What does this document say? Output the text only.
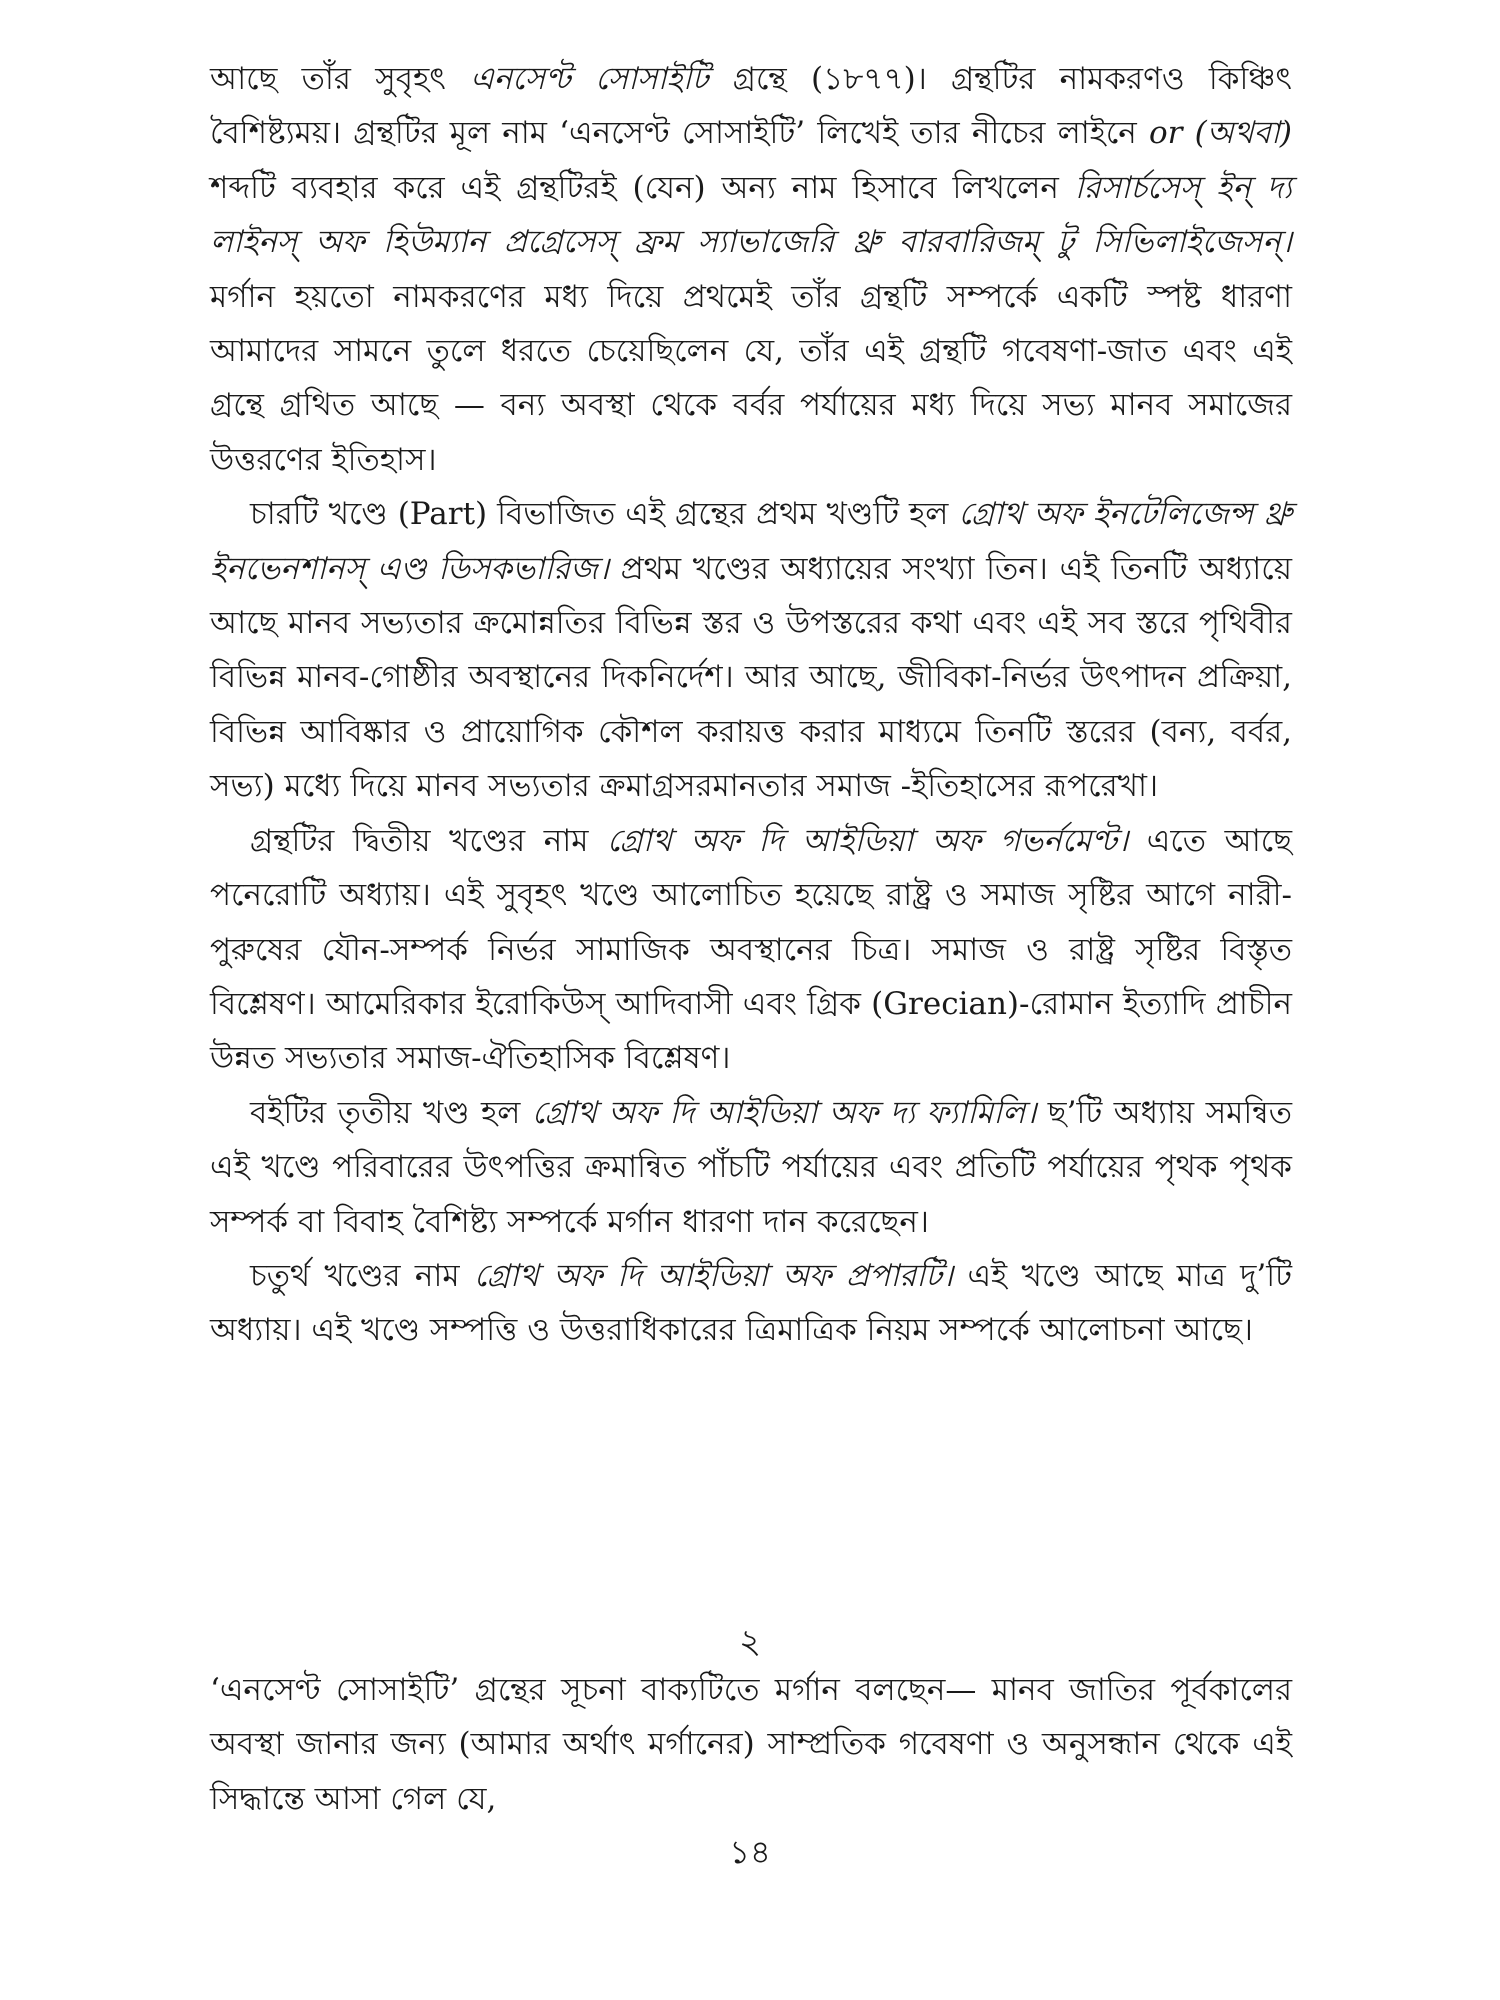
আছে তাঁর সুবৃহৎ এনসেণ্ট সোসাইটি গ্রন্থে (১৮৭৭)। গ্রন্থটির নামকরণও কিঞ্চিৎ বৈশিষ্ট্যময়। গ্রন্থটির মূল নাম ‘এনসেণ্ট সোসাইটি’ লিখেই তার নীচের লাইনে or (অথবা) শব্দটি ব্যবহার করে এই গ্রন্থটিরই (যেন) অন্য নাম হিসাবে লিখলেন রিসার্চসেস্ ইন্ দ্য লাইনস্ অফ হিউম্যান প্রগ্রেসেস্ ফ্রম স্যাভাজেরি থ্রু বারবারিজম্ টু সিভিলাইজেসন্। মর্গান হয়তো নামকরণের মধ্য দিয়ে প্রথমেই তাঁর গ্রন্থটি সম্পর্কে একটি স্পষ্ট ধারণা আমাদের সামনে তুলে ধরতে চেয়েছিলেন যে, তাঁর এই গ্রন্থটি গবেষণা-জাত এবং এই গ্রন্থে গ্রথিত আছে — বন্য অবস্থা থেকে বর্বর পর্যায়ের মধ্য দিয়ে সভ্য মানব সমাজের উত্তরণের ইতিহাস।

চারটি খণ্ডে (Part) বিভাজিত এই গ্রন্থের প্রথম খণ্ডটি হল গ্রোথ অফ ইনটেলিজেন্স থ্রু ইনভেনশানস্ এণ্ড ডিসকভারিজ। প্রথম খণ্ডের অধ্যায়ের সংখ্যা তিন। এই তিনটি অধ্যায়ে আছে মানব সভ্যতার ক্রমোন্নতির বিভিন্ন স্তর ও উপস্তরের কথা এবং এই সব স্তরে পৃথিবীর বিভিন্ন মানব-গোষ্ঠীর অবস্থানের দিকনির্দেশ। আর আছে, জীবিকা-নির্ভর উৎপাদন প্রক্রিয়া, বিভিন্ন আবিষ্কার ও প্রায়োগিক কৌশল করায়ত্ত করার মাধ্যমে তিনটি স্তরের (বন্য, বর্বর, সভ্য) মধ্যে দিয়ে মানব সভ্যতার ক্রমাগ্রসরমানতার সমাজ -ইতিহাসের রূপরেখা।

গ্রন্থটির দ্বিতীয় খণ্ডের নাম গ্রোথ অফ দি আইডিয়া অফ গভর্নমেণ্ট। এতে আছে পনেরোটি অধ্যায়। এই সুবৃহৎ খণ্ডে আলোচিত হয়েছে রাষ্ট্র ও সমাজ সৃষ্টির আগে নারী-পুরুষের যৌন-সম্পর্ক নির্ভর সামাজিক অবস্থানের চিত্র। সমাজ ও রাষ্ট্র সৃষ্টির বিস্তৃত বিশ্লেষণ। আমেরিকার ইরোকিউস্ আদিবাসী এবং গ্রিক (Grecian)-রোমান ইত্যাদি প্রাচীন উন্নত সভ্যতার সমাজ-ঐতিহাসিক বিশ্লেষণ।

বইটির তৃতীয় খণ্ড হল গ্রোথ অফ দি আইডিয়া অফ দ্য ফ্যামিলি। ছ’টি অধ্যায় সমন্বিত এই খণ্ডে পরিবারের উৎপত্তির ক্রমান্বিত পাঁচটি পর্যায়ের এবং প্রতিটি পর্যায়ের পৃথক পৃথক সম্পর্ক বা বিবাহ বৈশিষ্ট্য সম্পর্কে মর্গান ধারণা দান করেছেন।

চতুর্থ খণ্ডের নাম গ্রোথ অফ দি আইডিয়া অফ প্রপারটি। এই খণ্ডে আছে মাত্র দু’টি অধ্যায়। এই খণ্ডে সম্পত্তি ও উত্তরাধিকারের ত্রিমাত্রিক নিয়ম সম্পর্কে আলোচনা আছে।

২

‘এনসেণ্ট সোসাইটি’ গ্রন্থের সূচনা বাক্যটিতে মর্গান বলছেন— মানব জাতির পূর্বকালের অবস্থা জানার জন্য (আমার অর্থাৎ মর্গানের) সাম্প্রতিক গবেষণা ও অনুসন্ধান থেকে এই সিদ্ধান্তে আসা গেল যে,

১৪
